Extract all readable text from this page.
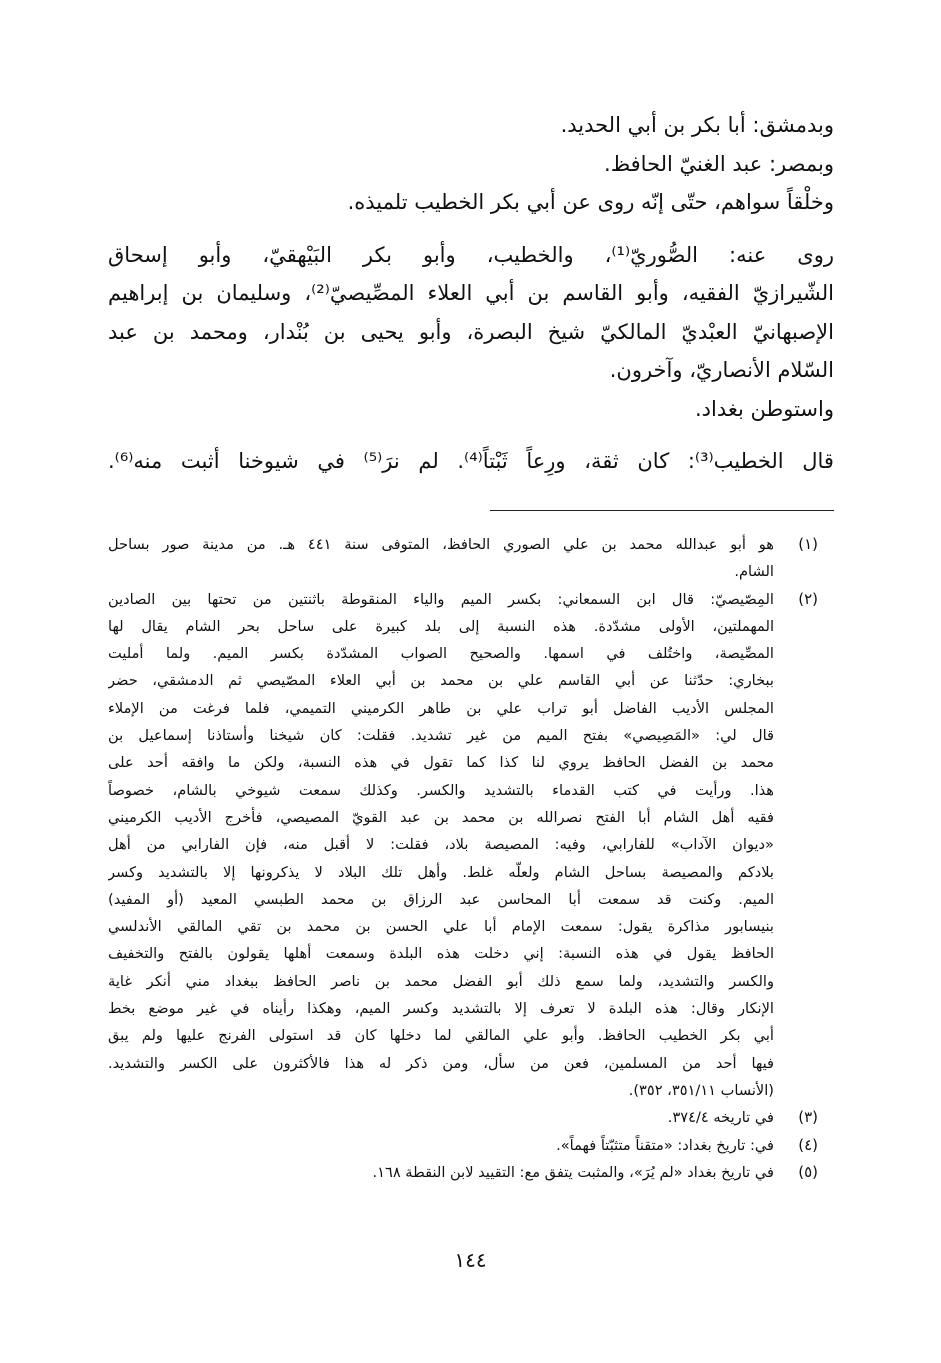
وبدمشق: أبا بكر بن أبي الحديد.
وبمصر: عبد الغنيّ الحافظ.
وخلْقاً سواهم، حتّى إنّه روى عن أبي بكر الخطيب تلميذه.
روى عنه: الصُّوريّ⁽¹⁾، والخطيب، وأبو بكر البَيْهقيّ، وأبو إسحاق
الشّيرازيّ الفقيه، وأبو القاسم بن أبي العلاء المصِّيصيّ⁽²⁾، وسليمان بن إبراهيم
الإصبهانيّ العبْديّ المالكيّ شيخ البصرة، وأبو يحيى بن بُنْدار، ومحمد بن عبد
السّلام الأنصاريّ، وآخرون.
واستوطن بغداد.
قال الخطيب⁽³⁾: كان ثقة، ورِعاً ثَبْتاً⁽⁴⁾. لم نرَ⁽⁵⁾ في شيوخنا أثبت منه⁽⁶⁾.
(١)
هو أبو عبدالله محمد بن علي الصوري الحافظ، المتوفى سنة ٤٤١ هـ. من مدينة صور بساحل
الشام.
(٢)
المِصّيصيّ: قال ابن السمعاني: بكسر الميم والياء المنقوطة باثنتين من تحتها بين الصادين
المهملتين، الأولى مشدّدة. هذه النسبة إلى بلد كبيرة على ساحل بحر الشام يقال لها
المصِّيصة، واختُلف في اسمها. والصحيح الصواب المشدّدة بكسر الميم. ولما أمليت
ببخاري: حدّثنا عن أبي القاسم علي بن محمد بن أبي العلاء المصّيصي ثم الدمشقي، حضر
المجلس الأديب الفاضل أبو تراب علي بن طاهر الكرميني التميمي، فلما فرغت من الإملاء
قال لي: «المَصِيصي» بفتح الميم من غير تشديد. فقلت: كان شيخنا وأستاذنا إسماعيل بن
محمد بن الفضل الحافظ يروي لنا كذا كما تقول في هذه النسبة، ولكن ما وافقه أحد على
هذا. ورأيت في كتب القدماء بالتشديد والكسر. وكذلك سمعت شيوخي بالشام، خصوصاً
فقيه أهل الشام أبا الفتح نصرالله بن محمد بن عبد القويّ المصيصي، فأخرج الأديب الكرميني
«ديوان الآداب» للفارابي، وفيه: المصيصة بلاد، فقلت: لا أقبل منه، فإن الفارابي من أهل
بلادكم والمصيصة بساحل الشام ولعلّه غلط. وأهل تلك البلاد لا يذكرونها إلا بالتشديد وكسر
الميم. وكنت قد سمعت أبا المحاسن عبد الرزاق بن محمد الطبسي المعيد (أو المفيد)
بنيسابور مذاكرة يقول: سمعت الإمام أبا علي الحسن بن محمد بن تقي المالقي الأندلسي
الحافظ يقول في هذه النسبة: إني دخلت هذه البلدة وسمعت أهلها يقولون بالفتح والتخفيف
والكسر والتشديد، ولما سمع ذلك أبو الفضل محمد بن ناصر الحافظ ببغداد مني أنكر غاية
الإنكار وقال: هذه البلدة لا تعرف إلا بالتشديد وكسر الميم، وهكذا رأيناه في غير موضع بخط
أبي بكر الخطيب الحافظ. وأبو علي المالقي لما دخلها كان قد استولى الفرنج عليها ولم يبق
فيها أحد من المسلمين، فعن من سأل، ومن ذكر له هذا فالأكثرون على الكسر والتشديد.
(الأنساب ٣٥١/١١، ٣٥٢).
(٣)
في تاريخه ٣٧٤/٤.
(٤)
في: تاريخ بغداد: «متقناً متثبّتاً فهماً».
(٥)
في تاريخ بغداد «لم يُرَ»، والمثبت يتفق مع: التقييد لابن النقطة ١٦٨.
١٤٤
